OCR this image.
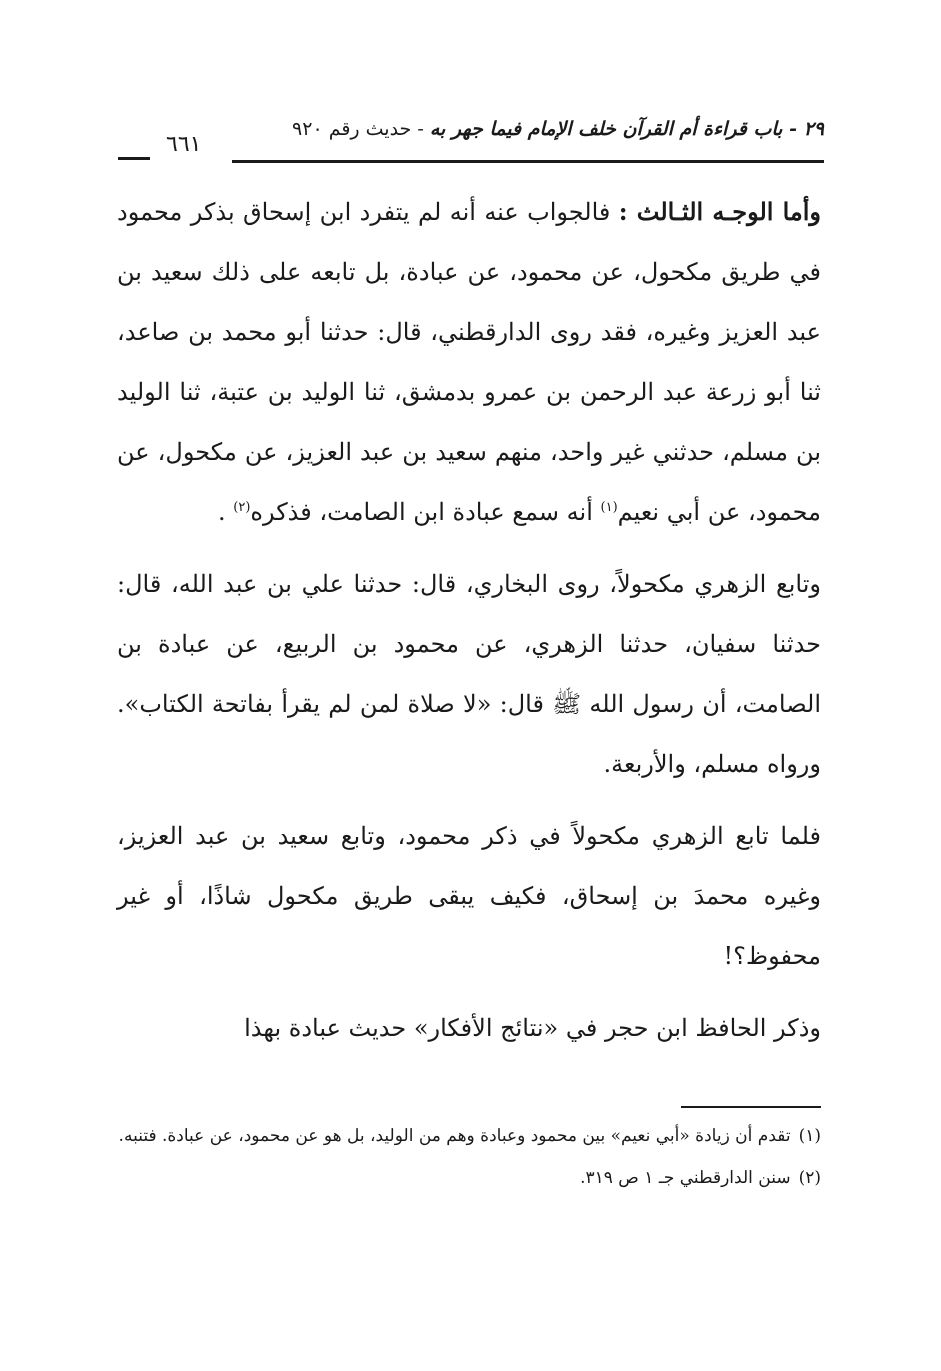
٢٩ - باب قراءة أم القرآن خلف الإمام فيما جهر به - حديث رقم ٩٢٠
٦٦١

وأما الوجـه الثـالث : فالجواب عنه أنه لم يتفرد ابن إسحاق بذكر محمود في طريق مكحول، عن محمود، عن عبادة، بل تابعه على ذلك سعيد بن عبد العزيز وغيره، فقد روى الدارقطني، قال: حدثنا أبو محمد بن صاعد، ثنا أبو زرعة عبد الرحمن بن عمرو بدمشق، ثنا الوليد بن عتبة، ثنا الوليد بن مسلم، حدثني غير واحد، منهم سعيد بن عبد العزيز، عن مكحول، عن محمود، عن أبي نعيم$^{(١)}$ أنه سمع عبادة ابن الصامت، فذكره$^{(٢)}$ .

وتابع الزهري مكحولاً، روى البخاري، قال: حدثنا علي بن عبد الله، قال: حدثنا سفيان، حدثنا الزهري، عن محمود بن الربيع، عن عبادة بن الصامت، أن رسول الله ﷺ قال: «لا صلاة لمن لم يقرأ بفاتحة الكتاب». ورواه مسلم، والأربعة.

فلما تابع الزهري مكحولاً في ذكر محمود، وتابع سعيد بن عبد العزيز، وغيره محمدَ بن إسحاق، فكيف يبقى طريق مكحول شاذًا، أو غير محفوظ؟!

وذكر الحافظ ابن حجر في «نتائج الأفكار» حديث عبادة بهذا

(١)تقدم أن زيادة «أبي نعيم» بين محمود وعبادة وهم من الوليد، بل هو عن محمود، عن عبادة. فتنبه.

(٢)سنن الدارقطني جـ ١ ص ٣١٩.
